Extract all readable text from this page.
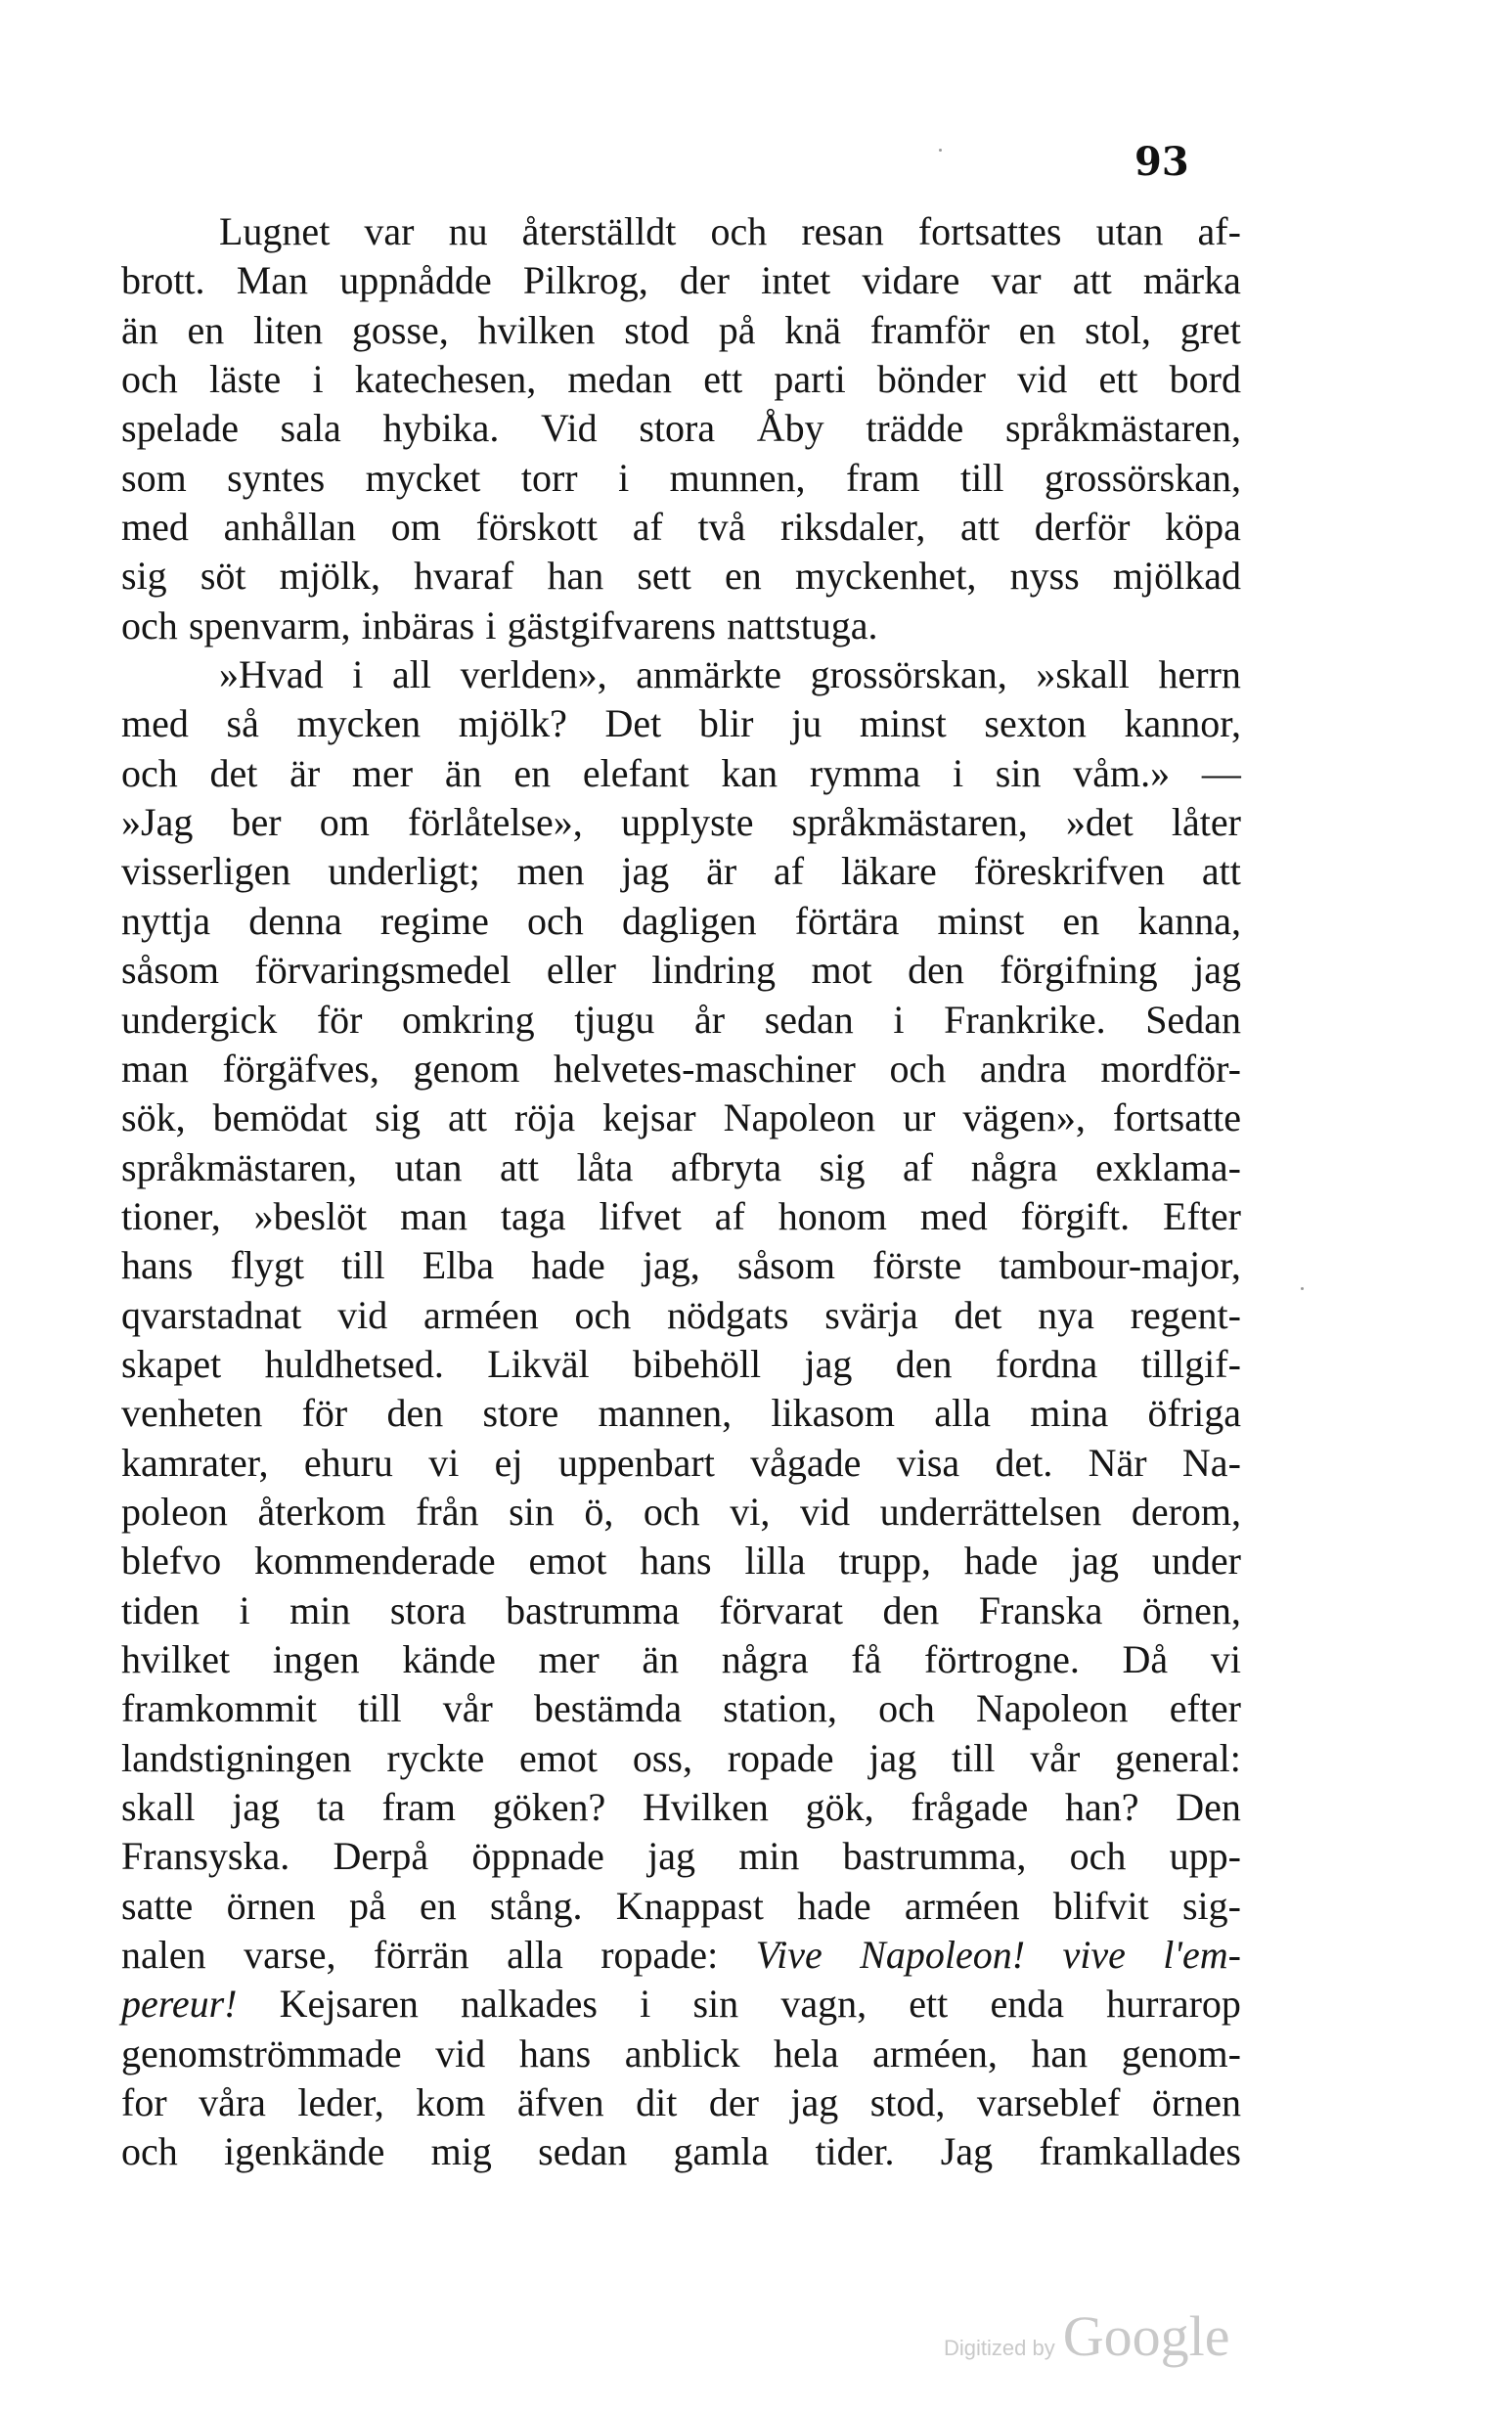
93
Lugnet var nu återställdt och resan fortsattes utan af-
brott. Man uppnådde Pilkrog, der intet vidare var att märka
än en liten gosse, hvilken stod på knä framför en stol, gret
och läste i katechesen, medan ett parti bönder vid ett bord
spelade sala hybika. Vid stora Åby trädde språkmästaren,
som syntes mycket torr i munnen, fram till grossörskan,
med anhållan om förskott af två riksdaler, att derför köpa
sig söt mjölk, hvaraf han sett en myckenhet, nyss mjölkad
och spenvarm, inbäras i gästgifvarens nattstuga.
»Hvad i all verlden», anmärkte grossörskan, »skall herrn
med så mycken mjölk? Det blir ju minst sexton kannor,
och det är mer än en elefant kan rymma i sin våm.» —
»Jag ber om förlåtelse», upplyste språkmästaren, »det låter
visserligen underligt; men jag är af läkare föreskrifven att
nyttja denna regime och dagligen förtära minst en kanna,
såsom förvaringsmedel eller lindring mot den förgifning jag
undergick för omkring tjugu år sedan i Frankrike. Sedan
man förgäfves, genom helvetes-maschiner och andra mordför-
sök, bemödat sig att röja kejsar Napoleon ur vägen», fortsatte
språkmästaren, utan att låta afbryta sig af några exklama-
tioner, »beslöt man taga lifvet af honom med förgift. Efter
hans flygt till Elba hade jag, såsom förste tambour-major,
qvarstadnat vid arméen och nödgats svärja det nya regent-
skapet huldhetsed. Likväl bibehöll jag den fordna tillgif-
venheten för den store mannen, likasom alla mina öfriga
kamrater, ehuru vi ej uppenbart vågade visa det. När Na-
poleon återkom från sin ö, och vi, vid underrättelsen derom,
blefvo kommenderade emot hans lilla trupp, hade jag under
tiden i min stora bastrumma förvarat den Franska örnen,
hvilket ingen kände mer än några få förtrogne. Då vi
framkommit till vår bestämda station, och Napoleon efter
landstigningen ryckte emot oss, ropade jag till vår general:
skall jag ta fram göken? Hvilken gök, frågade han? Den
Fransyska. Derpå öppnade jag min bastrumma, och upp-
satte örnen på en stång. Knappast hade arméen blifvit sig-
nalen varse, förrän alla ropade: Vive Napoleon! vive l'em-
pereur! Kejsaren nalkades i sin vagn, ett enda hurrarop
genomströmmade vid hans anblick hela arméen, han genom-
for våra leder, kom äfven dit der jag stod, varseblef örnen
och igenkände mig sedan gamla tider. Jag framkallades
Digitized by Google
